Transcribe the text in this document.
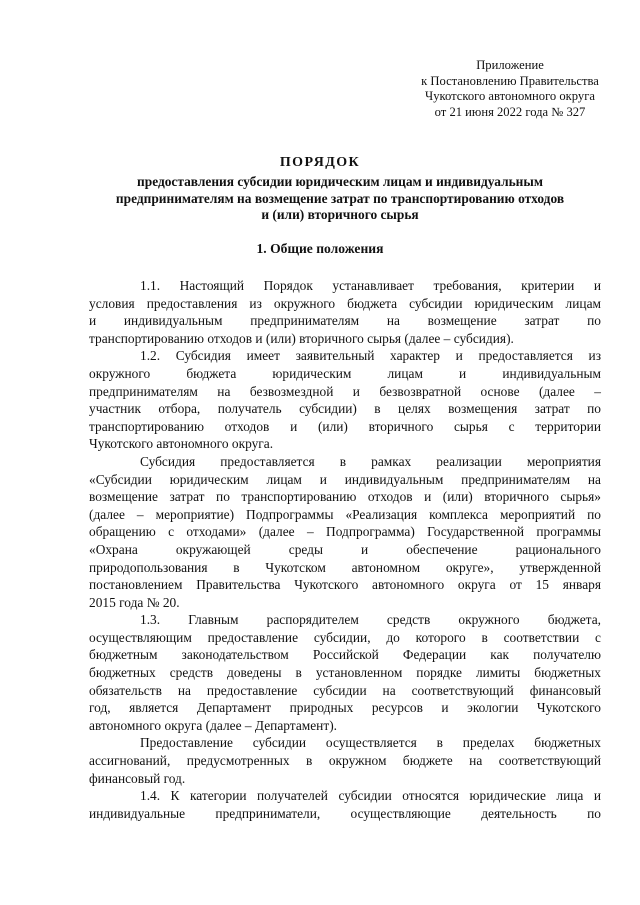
Приложение
к Постановлению Правительства
Чукотского автономного округа
от 21 июня 2022 года № 327
ПОРЯДОК
предоставления субсидии юридическим лицам и индивидуальным
предпринимателям на возмещение затрат по транспортированию отходов
и (или) вторичного сырья
1. Общие положения
1.1. Настоящий Порядок устанавливает требования, критерии и
условия предоставления из окружного бюджета субсидии юридическим лицам
и индивидуальным предпринимателям на возмещение затрат по
транспортированию отходов и (или) вторичного сырья (далее – субсидия).
1.2. Субсидия имеет заявительный характер и предоставляется из
окружного бюджета юридическим лицам и индивидуальным
предпринимателям на безвозмездной и безвозвратной основе (далее –
участник отбора, получатель субсидии) в целях возмещения затрат по
транспортированию отходов и (или) вторичного сырья с территории
Чукотского автономного округа.
Субсидия предоставляется в рамках реализации мероприятия
«Субсидии юридическим лицам и индивидуальным предпринимателям на
возмещение затрат по транспортированию отходов и (или) вторичного сырья»
(далее – мероприятие) Подпрограммы «Реализация комплекса мероприятий по
обращению с отходами» (далее – Подпрограмма) Государственной программы
«Охрана окружающей среды и обеспечение рационального
природопользования в Чукотском автономном округе», утвержденной
постановлением Правительства Чукотского автономного округа от 15 января
2015 года № 20.
1.3. Главным распорядителем средств окружного бюджета,
осуществляющим предоставление субсидии, до которого в соответствии с
бюджетным законодательством Российской Федерации как получателю
бюджетных средств доведены в установленном порядке лимиты бюджетных
обязательств на предоставление субсидии на соответствующий финансовый
год, является Департамент природных ресурсов и экологии Чукотского
автономного округа (далее – Департамент).
Предоставление субсидии осуществляется в пределах бюджетных
ассигнований, предусмотренных в окружном бюджете на соответствующий
финансовый год.
1.4. К категории получателей субсидии относятся юридические лица и
индивидуальные предприниматели, осуществляющие деятельность по
